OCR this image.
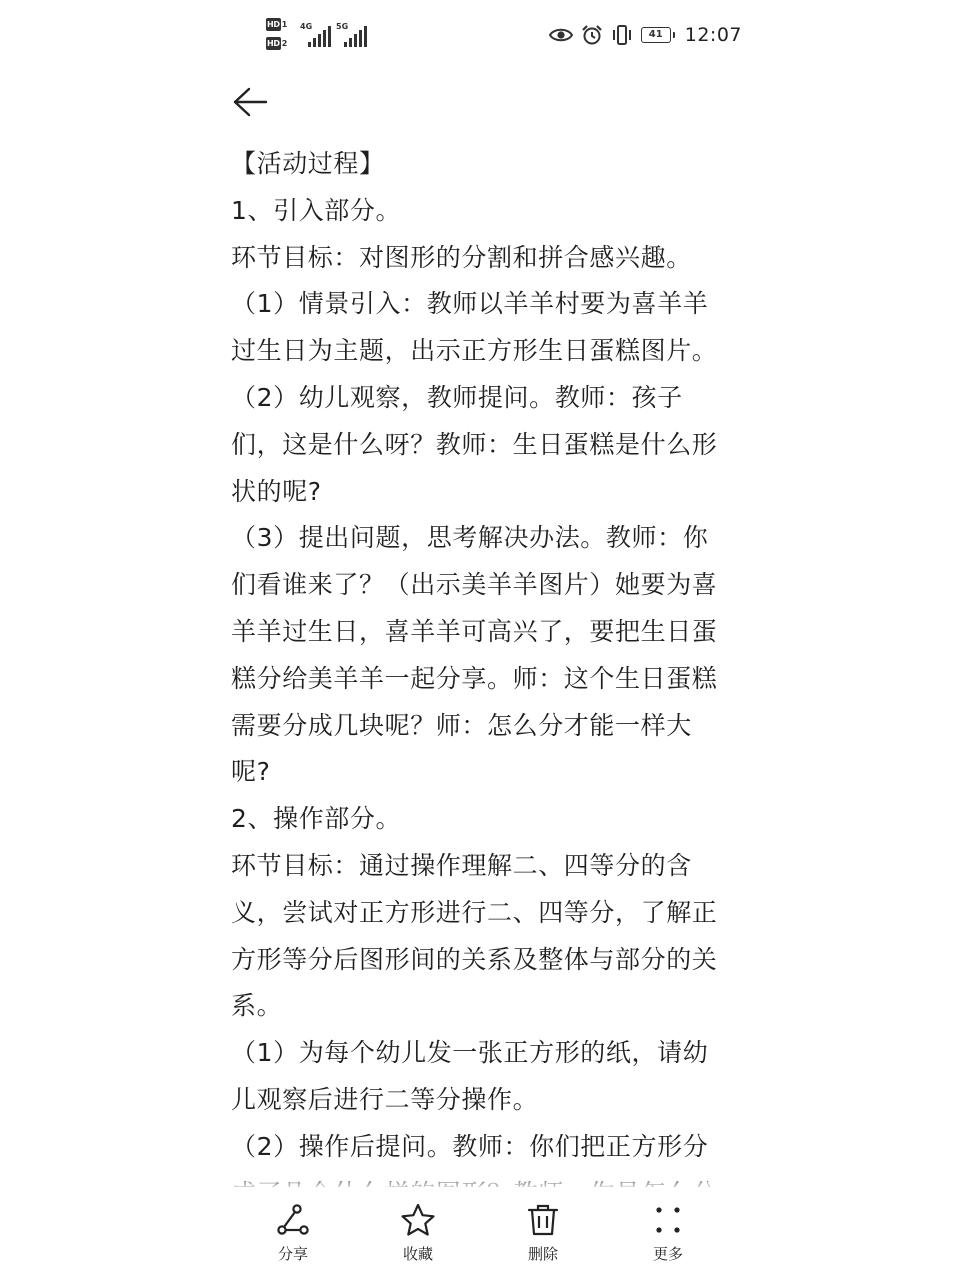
HD 1
HD 2
4G	5G
41	12:07

【活动过程】

1、引入部分。

环节目标：对图形的分割和拼合感兴趣。

（1）情景引入：教师以羊羊村要为喜羊羊过生日为主题，出示正方形生日蛋糕图片。

（2）幼儿观察，教师提问。教师：孩子们，这是什么呀？教师：生日蛋糕是什么形状的呢?

（3）提出问题，思考解决办法。教师：你们看谁来了？（出示美羊羊图片）她要为喜羊羊过生日，喜羊羊可高兴了，要把生日蛋糕分给美羊羊一起分享。师：这个生日蛋糕需要分成几块呢？师：怎么分才能一样大呢?

2、操作部分。

环节目标：通过操作理解二、四等分的含义，尝试对正方形进行二、四等分，了解正方形等分后图形间的关系及整体与部分的关系。

（1）为每个幼儿发一张正方形的纸，请幼儿观察后进行二等分操作。

（2）操作后提问。教师：你们把正方形分

分享	收藏	删除	更多
